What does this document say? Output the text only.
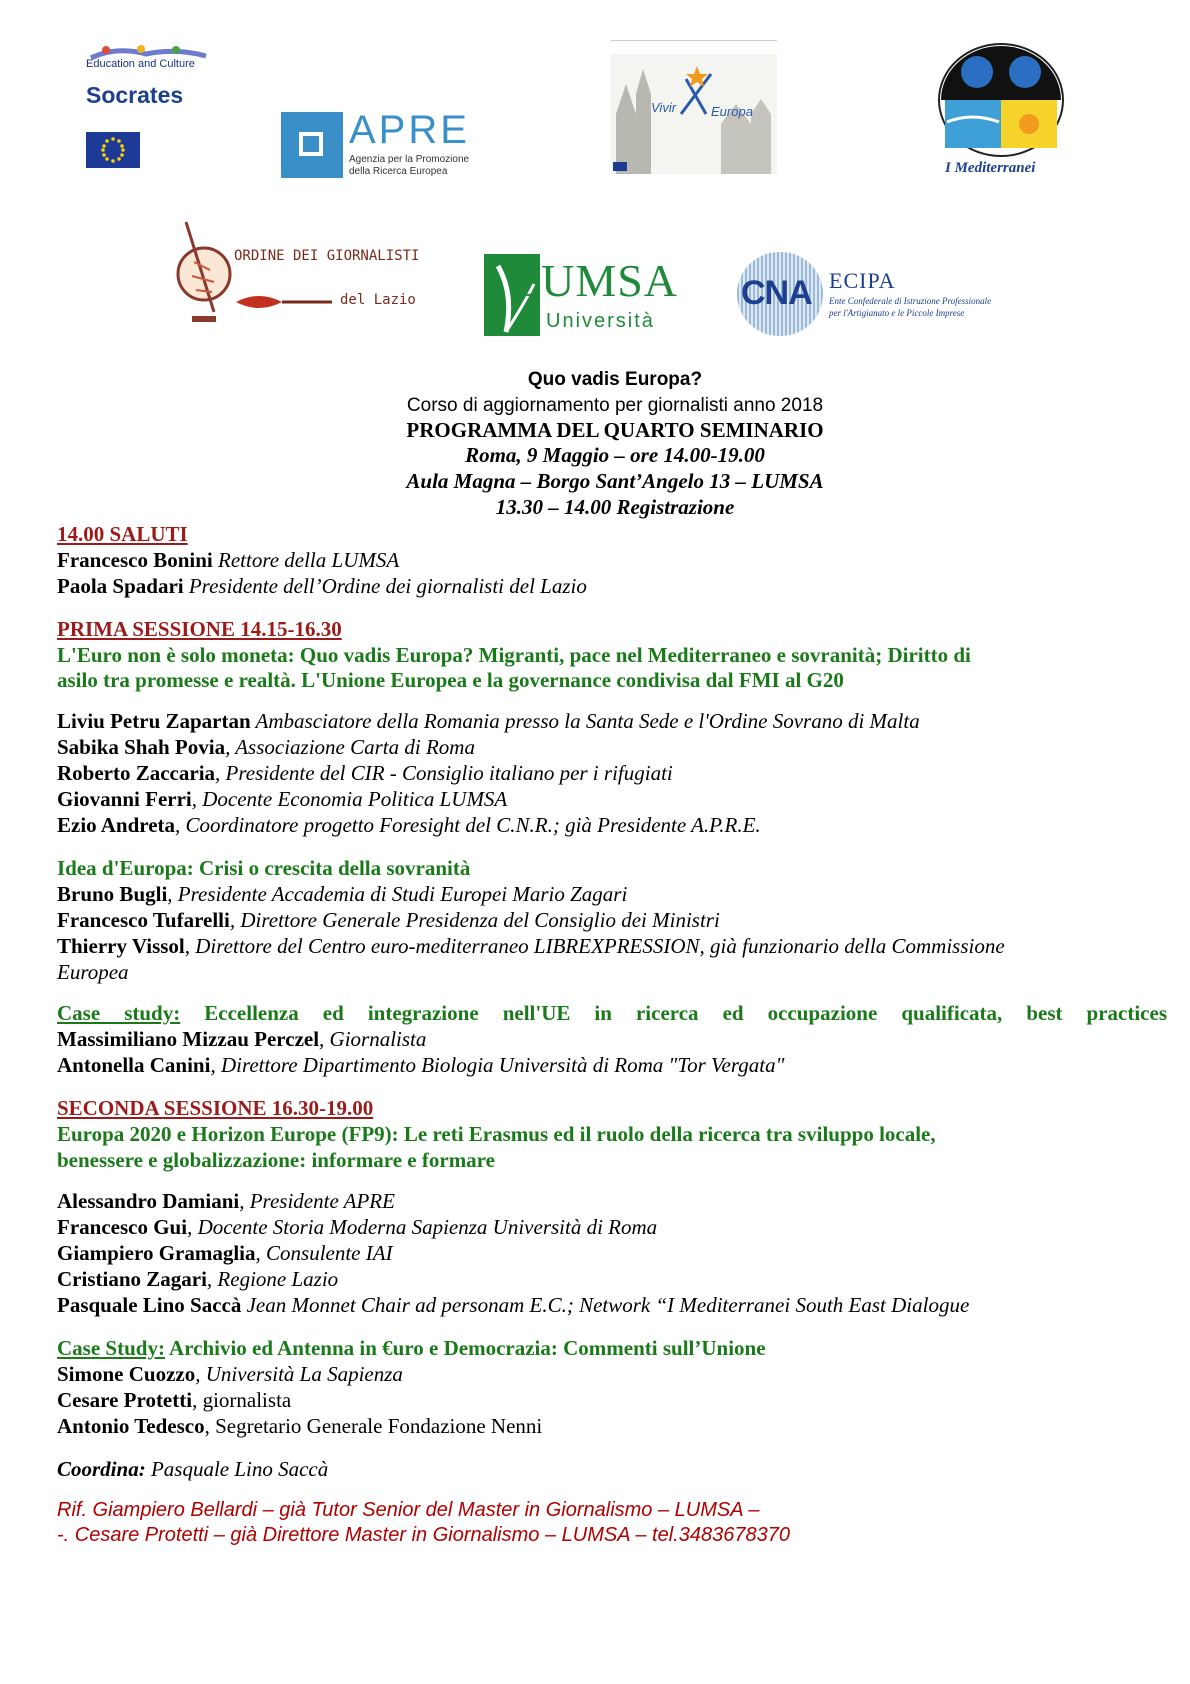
Education and Culture
Socrates
APRE
Agenzia per la Promozione
della Ricerca Europea
Vivir	Europa
I Mediterranei
ORDINE DEI GIORNALISTI
del Lazio LUMSA
Università
CNA ECIPA
Ente Confederale di Istruzione Professionale
per l'Artigianato e le Piccole Imprese
Quo vadis Europa?
Corso di aggiornamento per giornalisti anno 2018
PROGRAMMA DEL QUARTO SEMINARIO
Roma, 9 Maggio – ore 14.00-19.00
Aula Magna – Borgo Sant’Angelo 13 – LUMSA
13.30 – 14.00 Registrazione
14.00 SALUTI
Francesco Bonini Rettore della LUMSA
Paola Spadari Presidente dell’Ordine dei giornalisti del Lazio
PRIMA SESSIONE 14.15-16.30
L'Euro non è solo moneta: Quo vadis Europa? Migranti, pace nel Mediterraneo e sovranità; Diritto di
asilo tra promesse e realtà. L'Unione Europea e la governance condivisa dal FMI al G20
Liviu Petru Zapartan Ambasciatore della Romania presso la Santa Sede e l'Ordine Sovrano di Malta
Sabika Shah Povia, Associazione Carta di Roma
Roberto Zaccaria, Presidente del CIR - Consiglio italiano per i rifugiati
Giovanni Ferri, Docente Economia Politica LUMSA
Ezio Andreta, Coordinatore progetto Foresight del C.N.R.; già Presidente A.P.R.E.
Idea d'Europa: Crisi o crescita della sovranità
Bruno Bugli, Presidente Accademia di Studi Europei Mario Zagari
Francesco Tufarelli, Direttore Generale Presidenza del Consiglio dei Ministri
Thierry Vissol, Direttore del Centro euro-mediterraneo LIBREXPRESSION, già funzionario della Commissione
Europea
Case study: Eccellenza ed integrazione nell'UE in ricerca ed occupazione qualificata, best practices
Massimiliano Mizzau Perczel, Giornalista
Antonella Canini, Direttore Dipartimento Biologia Università di Roma "Tor Vergata"
SECONDA SESSIONE 16.30-19.00
Europa 2020 e Horizon Europe (FP9): Le reti Erasmus ed il ruolo della ricerca tra sviluppo locale,
benessere e globalizzazione: informare e formare
Alessandro Damiani, Presidente APRE
Francesco Gui, Docente Storia Moderna Sapienza Università di Roma
Giampiero Gramaglia, Consulente IAI
Cristiano Zagari, Regione Lazio
Pasquale Lino Saccà Jean Monnet Chair ad personam E.C.; Network “I Mediterranei South East Dialogue
Case Study: Archivio ed Antenna in €uro e Democrazia: Commenti sull’Unione
Simone Cuozzo, Università La Sapienza
Cesare Protetti, giornalista
Antonio Tedesco, Segretario Generale Fondazione Nenni
Coordina: Pasquale Lino Saccà
Rif. Giampiero Bellardi – già Tutor Senior del Master in Giornalismo – LUMSA –
-. Cesare Protetti – già Direttore Master in Giornalismo – LUMSA – tel.3483678370
